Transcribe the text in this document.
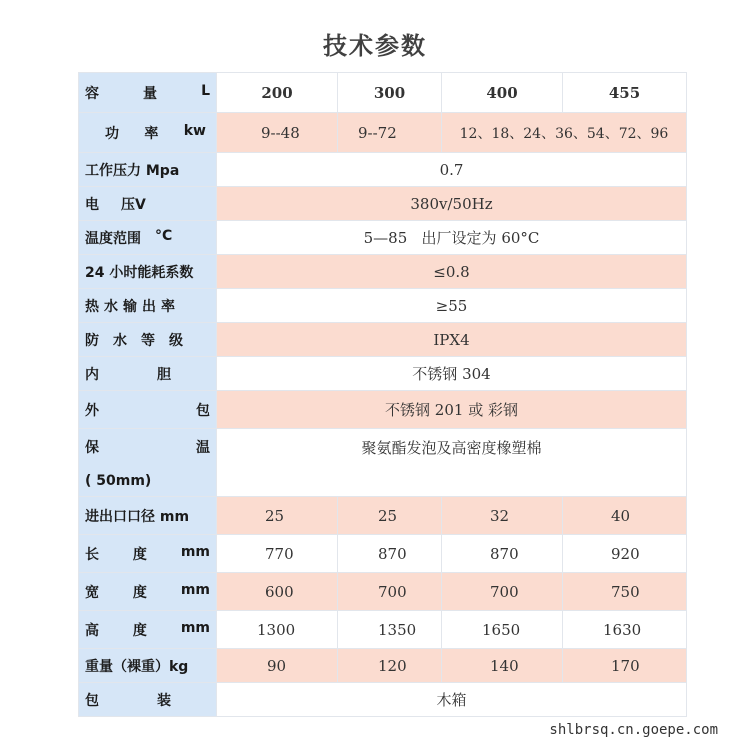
技术参数
容 量 L	200	300	400	455

功 率 kw	9--48	9--72	12、18、24、36、54、72、96	
工作压力 Mpa	0.7			

电 压V	380v/50Hz			

温度范围 °C	5—85   出厂设定为 60°C			
24 小时能耗系数	≤0.8			
热水输出率	≥55			
防水等级	IPX4			

内 胆	不锈钢 304			

外 包	不锈钢 201 或 彩钢			

保 温
( 50mm)	聚氨酯发泡及高密度橡塑棉			
进出口口径 mm	25	25	32	40

长 度 mm	770	870	870	920

宽 度 mm	600	700	700	750

高 度 mm	1300	1350	1650	1630
重量（裸重）kg	90	120	140	170

包 装	木箱			
shlbrsq.cn.goepe.com
